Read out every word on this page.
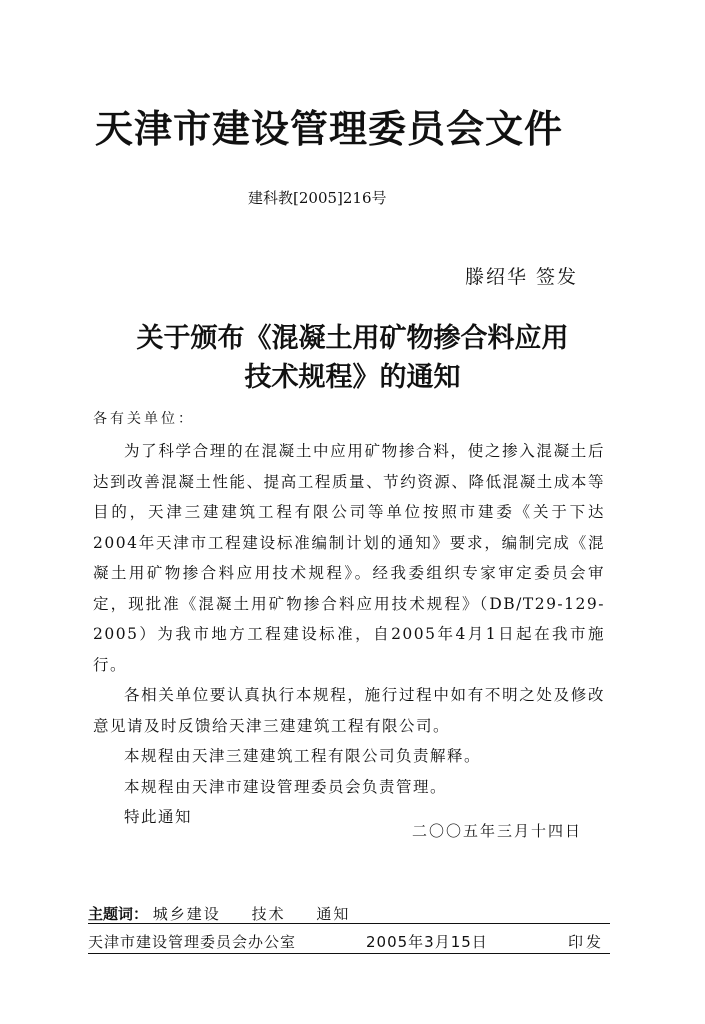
天津市建设管理委员会文件
建科教[2005]216号
滕绍华 签发
关于颁布《混凝土用矿物掺合料应用
技术规程》的通知
各有关单位：

为了科学合理的在混凝土中应用矿物掺合料，使之掺入混凝土后达到改善混凝土性能、提高工程质量、节约资源、降低混凝土成本等目的，天津三建建筑工程有限公司等单位按照市建委《关于下达2004年天津市工程建设标准编制计划的通知》要求，编制完成《混凝土用矿物掺合料应用技术规程》。经我委组织专家审定委员会审定，现批准《混凝土用矿物掺合料应用技术规程》（DB/T29-129-2005）为我市地方工程建设标准，自2005年4月1日起在我市施行。

各相关单位要认真执行本规程，施行过程中如有不明之处及修改意见请及时反馈给天津三建建筑工程有限公司。

本规程由天津三建建筑工程有限公司负责解释。

本规程由天津市建设管理委员会负责管理。

特此通知

二〇〇五年三月十四日
主题词： 城乡建设 技术 通知
天津市建设管理委员会办公室	2005年3月15日	印发
